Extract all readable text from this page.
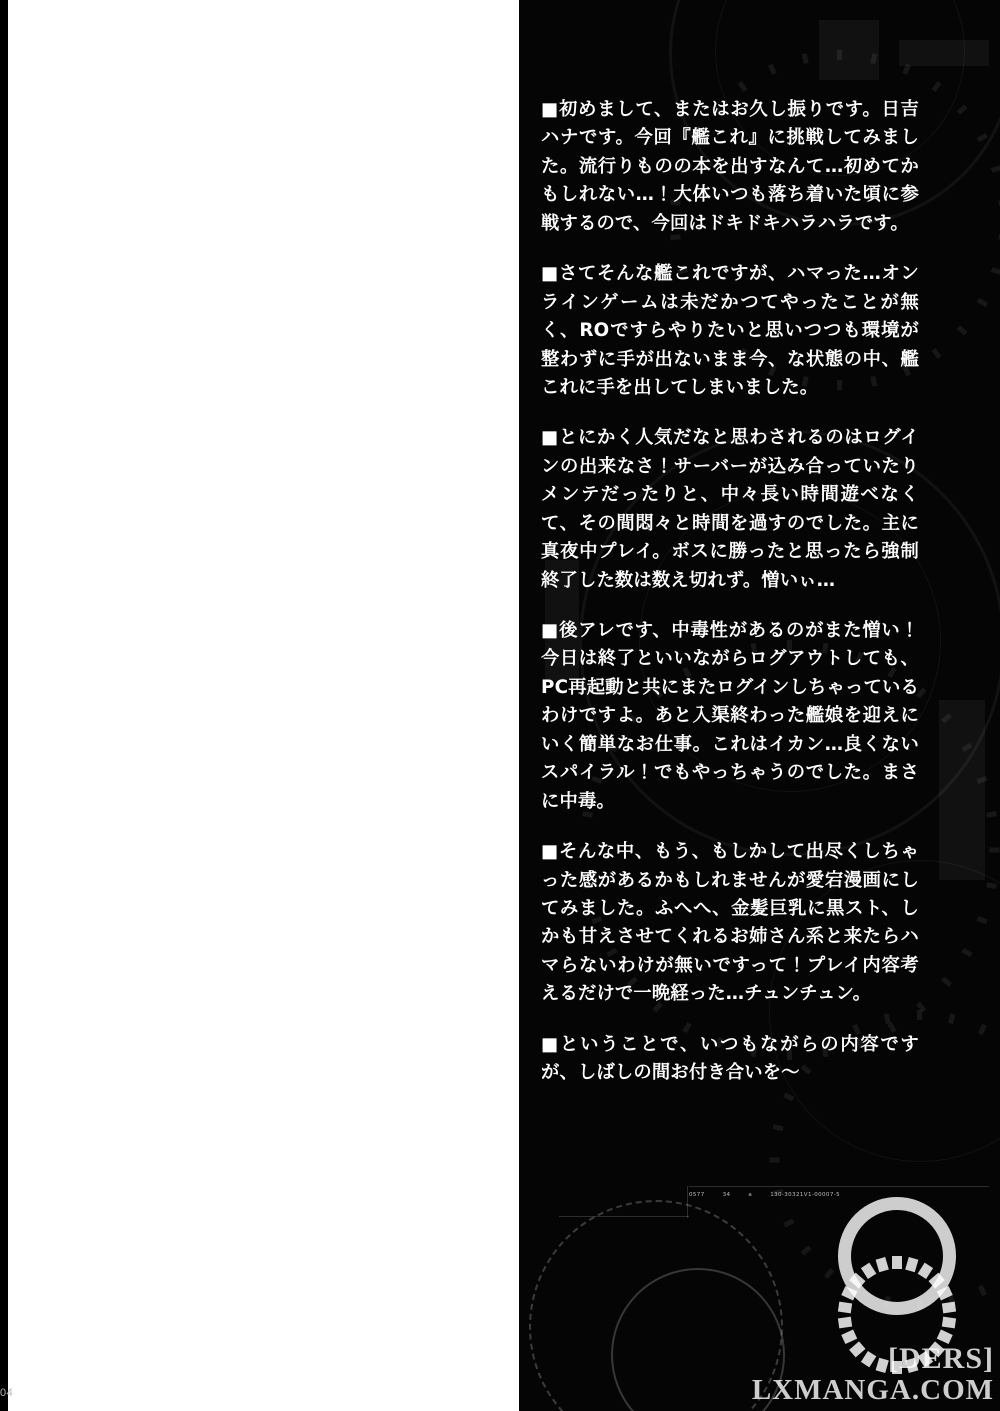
■初めまして、またはお久し振りです。日吉ハナです。今回『艦これ』に挑戦してみました。流行りものの本を出すなんて…初めてかもしれない…！大体いつも落ち着いた頃に参戦するので、今回はドキドキハラハラです。

■さてそんな艦これですが、ハマった…オンラインゲームは未だかつてやったことが無く、ROですらやりたいと思いつつも環境が整わずに手が出ないまま今、な状態の中、艦これに手を出してしまいました。

■とにかく人気だなと思わされるのはログインの出来なさ！サーバーが込み合っていたりメンテだったりと、中々長い時間遊べなくて、その間悶々と時間を過すのでした。主に真夜中プレイ。ボスに勝ったと思ったら強制終了した数は数え切れず。憎いぃ…

■後アレです、中毒性があるのがまた憎い！今日は終了といいながらログアウトしても、PC再起動と共にまたログインしちゃっているわけですよ。あと入渠終わった艦娘を迎えにいく簡単なお仕事。これはイカン…良くないスパイラル！でもやっちゃうのでした。まさに中毒。

■そんな中、もう、もしかして出尽くしちゃった感があるかもしれませんが愛宕漫画にしてみました。ふへへ、金髪巨乳に黒スト、しかも甘えさせてくれるお姉さん系と来たらハマらないわけが無いですって！プレイ内容考えるだけで一晩経った…チュンチュン。

■ということで、いつもながらの内容ですが、しばしの間お付き合いを〜

0577	34	a	130-30321V1-00007-5
[DERS]
LXMANGA.COM
04
